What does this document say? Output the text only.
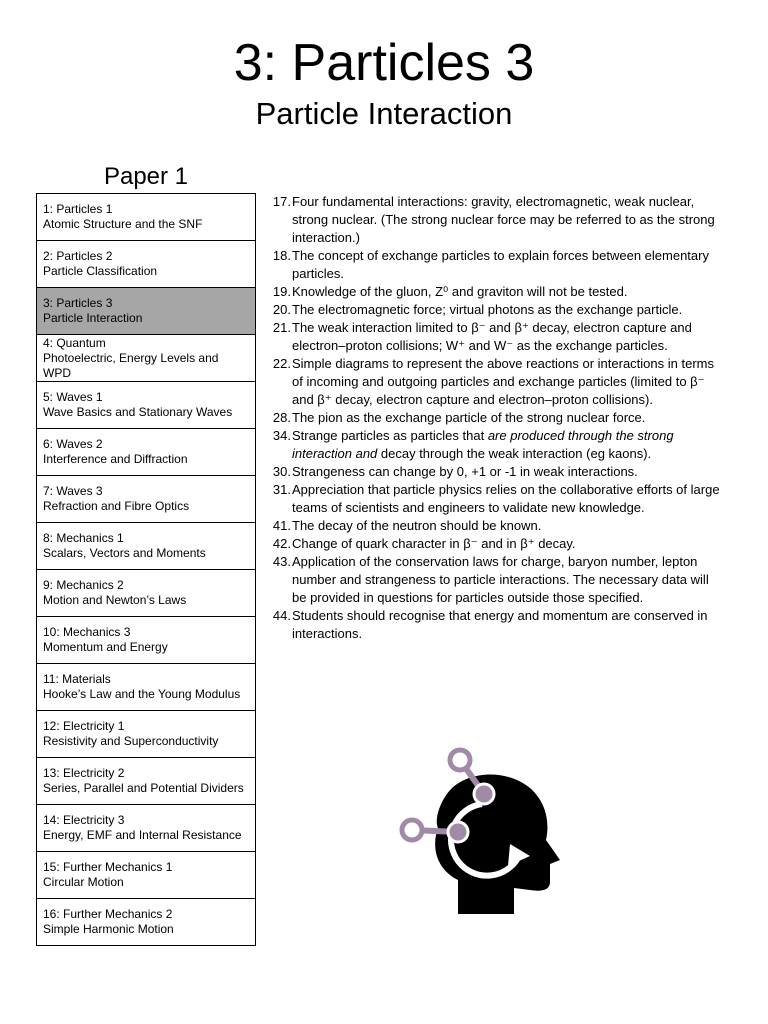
3: Particles 3
Particle Interaction
Paper 1
1: Particles 1
Atomic Structure and the SNF
2: Particles 2
Particle Classification
3: Particles 3
Particle Interaction
4: Quantum
Photoelectric, Energy Levels and WPD
5: Waves 1
Wave Basics and Stationary Waves
6: Waves 2
Interference and Diffraction
7: Waves 3
Refraction and Fibre Optics
8: Mechanics 1
Scalars, Vectors and Moments
9: Mechanics 2
Motion and Newton’s Laws
10: Mechanics 3
Momentum and Energy
11: Materials
Hooke’s Law and the Young Modulus
12: Electricity 1
Resistivity and Superconductivity
13: Electricity 2
Series, Parallel and Potential Dividers
14: Electricity 3
Energy, EMF and Internal Resistance
15: Further Mechanics 1
Circular Motion
16: Further Mechanics 2
Simple Harmonic Motion
17. Four fundamental interactions: gravity, electromagnetic, weak nuclear, strong nuclear. (The strong nuclear force may be referred to as the strong interaction.)
18. The concept of exchange particles to explain forces between elementary particles.
19. Knowledge of the gluon, Z⁰ and graviton will not be tested.
20. The electromagnetic force; virtual photons as the exchange particle.
21. The weak interaction limited to β⁻ and β⁺ decay, electron capture and electron–proton collisions; W⁺ and W⁻ as the exchange particles.
22. Simple diagrams to represent the above reactions or interactions in terms of incoming and outgoing particles and exchange particles (limited to β⁻ and β⁺ decay, electron capture and electron–proton collisions).
28. The pion as the exchange particle of the strong nuclear force.
34. Strange particles as particles that are produced through the strong interaction and decay through the weak interaction (eg kaons).
30. Strangeness can change by 0, +1 or -1 in weak interactions.
31. Appreciation that particle physics relies on the collaborative efforts of large teams of scientists and engineers to validate new knowledge.
41. The decay of the neutron should be known.
42. Change of quark character in β⁻ and in β⁺ decay.
43. Application of the conservation laws for charge, baryon number, lepton number and strangeness to particle interactions. The necessary data will be provided in questions for particles outside those specified.
44. Students should recognise that energy and momentum are conserved in interactions.
